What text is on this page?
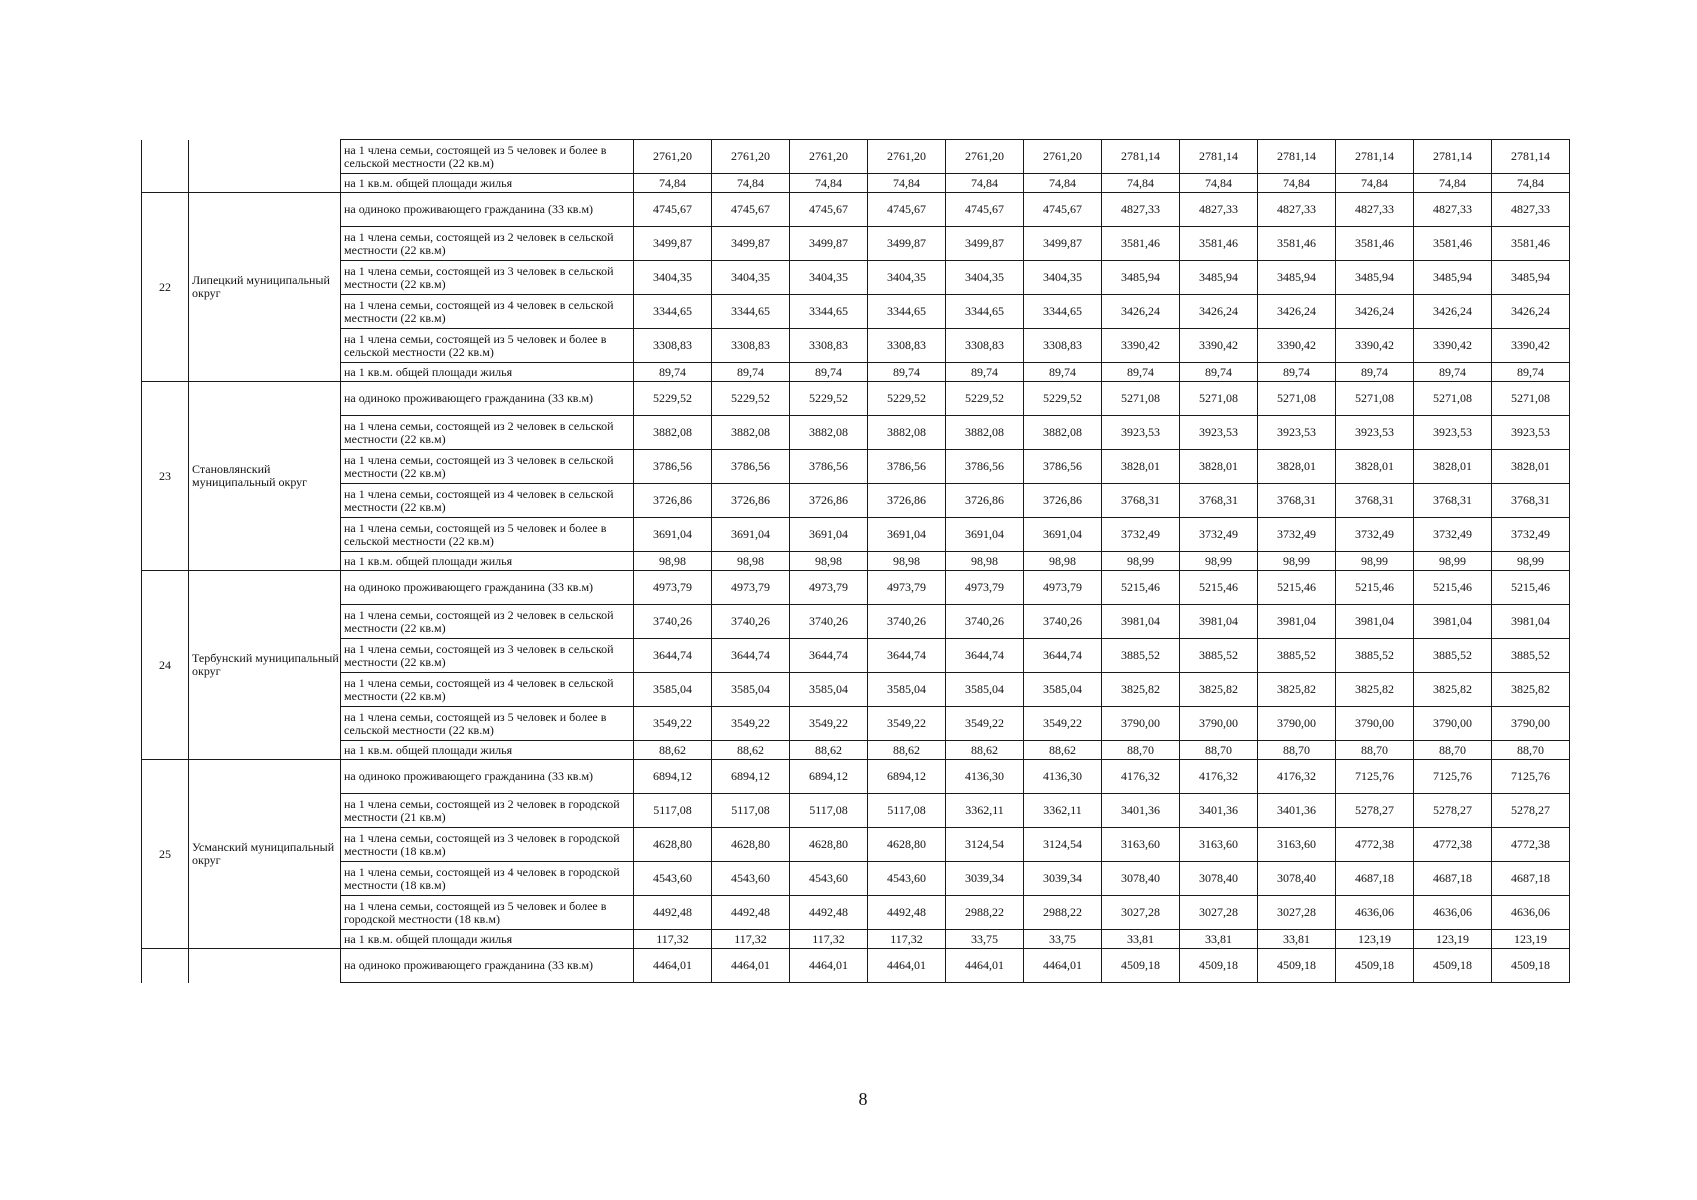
		на 1 члена семьи, состоящей из 5 человек и более в сельской местности (22 кв.м)	2761,20	2761,20	2761,20	2761,20	2761,20	2761,20	2781,14	2781,14	2781,14	2781,14	2781,14	2781,14
		на 1 кв.м. общей площади жилья	74,84	74,84	74,84	74,84	74,84	74,84	74,84	74,84	74,84	74,84	74,84	74,84
22	Липецкий муниципальный округ	на одиноко проживающего гражданина (33 кв.м)	4745,67	4745,67	4745,67	4745,67	4745,67	4745,67	4827,33	4827,33	4827,33	4827,33	4827,33	4827,33
		на 1 члена семьи, состоящей из 2 человек в сельской местности (22 кв.м)	3499,87	3499,87	3499,87	3499,87	3499,87	3499,87	3581,46	3581,46	3581,46	3581,46	3581,46	3581,46
		на 1 члена семьи, состоящей из 3 человек в сельской местности (22 кв.м)	3404,35	3404,35	3404,35	3404,35	3404,35	3404,35	3485,94	3485,94	3485,94	3485,94	3485,94	3485,94
		на 1 члена семьи, состоящей из 4 человек в сельской местности (22 кв.м)	3344,65	3344,65	3344,65	3344,65	3344,65	3344,65	3426,24	3426,24	3426,24	3426,24	3426,24	3426,24
		на 1 члена семьи, состоящей из 5 человек и более в сельской местности (22 кв.м)	3308,83	3308,83	3308,83	3308,83	3308,83	3308,83	3390,42	3390,42	3390,42	3390,42	3390,42	3390,42
		на 1 кв.м. общей площади жилья	89,74	89,74	89,74	89,74	89,74	89,74	89,74	89,74	89,74	89,74	89,74	89,74
23	Становлянский муниципальный округ	на одиноко проживающего гражданина (33 кв.м)	5229,52	5229,52	5229,52	5229,52	5229,52	5229,52	5271,08	5271,08	5271,08	5271,08	5271,08	5271,08
		на 1 члена семьи, состоящей из 2 человек в сельской местности (22 кв.м)	3882,08	3882,08	3882,08	3882,08	3882,08	3882,08	3923,53	3923,53	3923,53	3923,53	3923,53	3923,53
		на 1 члена семьи, состоящей из 3 человек в сельской местности (22 кв.м)	3786,56	3786,56	3786,56	3786,56	3786,56	3786,56	3828,01	3828,01	3828,01	3828,01	3828,01	3828,01
		на 1 члена семьи, состоящей из 4 человек в сельской местности (22 кв.м)	3726,86	3726,86	3726,86	3726,86	3726,86	3726,86	3768,31	3768,31	3768,31	3768,31	3768,31	3768,31
		на 1 члена семьи, состоящей из 5 человек и более в сельской местности (22 кв.м)	3691,04	3691,04	3691,04	3691,04	3691,04	3691,04	3732,49	3732,49	3732,49	3732,49	3732,49	3732,49
		на 1 кв.м. общей площади жилья	98,98	98,98	98,98	98,98	98,98	98,98	98,99	98,99	98,99	98,99	98,99	98,99
24	Тербунский муниципальный округ	на одиноко проживающего гражданина (33 кв.м)	4973,79	4973,79	4973,79	4973,79	4973,79	4973,79	5215,46	5215,46	5215,46	5215,46	5215,46	5215,46
		на 1 члена семьи, состоящей из 2 человек в сельской местности (22 кв.м)	3740,26	3740,26	3740,26	3740,26	3740,26	3740,26	3981,04	3981,04	3981,04	3981,04	3981,04	3981,04
		на 1 члена семьи, состоящей из 3 человек в сельской местности (22 кв.м)	3644,74	3644,74	3644,74	3644,74	3644,74	3644,74	3885,52	3885,52	3885,52	3885,52	3885,52	3885,52
		на 1 члена семьи, состоящей из 4 человек в сельской местности (22 кв.м)	3585,04	3585,04	3585,04	3585,04	3585,04	3585,04	3825,82	3825,82	3825,82	3825,82	3825,82	3825,82
		на 1 члена семьи, состоящей из 5 человек и более в сельской местности (22 кв.м)	3549,22	3549,22	3549,22	3549,22	3549,22	3549,22	3790,00	3790,00	3790,00	3790,00	3790,00	3790,00
		на 1 кв.м. общей площади жилья	88,62	88,62	88,62	88,62	88,62	88,62	88,70	88,70	88,70	88,70	88,70	88,70
25	Усманский муниципальный округ	на одиноко проживающего гражданина (33 кв.м)	6894,12	6894,12	6894,12	6894,12	4136,30	4136,30	4176,32	4176,32	4176,32	7125,76	7125,76	7125,76
		на 1 члена семьи, состоящей из 2 человек в городской местности (21 кв.м)	5117,08	5117,08	5117,08	5117,08	3362,11	3362,11	3401,36	3401,36	3401,36	5278,27	5278,27	5278,27
		на 1 члена семьи, состоящей из 3 человек в городской местности (18 кв.м)	4628,80	4628,80	4628,80	4628,80	3124,54	3124,54	3163,60	3163,60	3163,60	4772,38	4772,38	4772,38
		на 1 члена семьи, состоящей из 4 человек в городской местности (18 кв.м)	4543,60	4543,60	4543,60	4543,60	3039,34	3039,34	3078,40	3078,40	3078,40	4687,18	4687,18	4687,18
		на 1 члена семьи, состоящей из 5 человек и более в городской местности (18 кв.м)	4492,48	4492,48	4492,48	4492,48	2988,22	2988,22	3027,28	3027,28	3027,28	4636,06	4636,06	4636,06
		на 1 кв.м. общей площади жилья	117,32	117,32	117,32	117,32	33,75	33,75	33,81	33,81	33,81	123,19	123,19	123,19
		на одиноко проживающего гражданина (33 кв.м)	4464,01	4464,01	4464,01	4464,01	4464,01	4464,01	4509,18	4509,18	4509,18	4509,18	4509,18	4509,18
8
